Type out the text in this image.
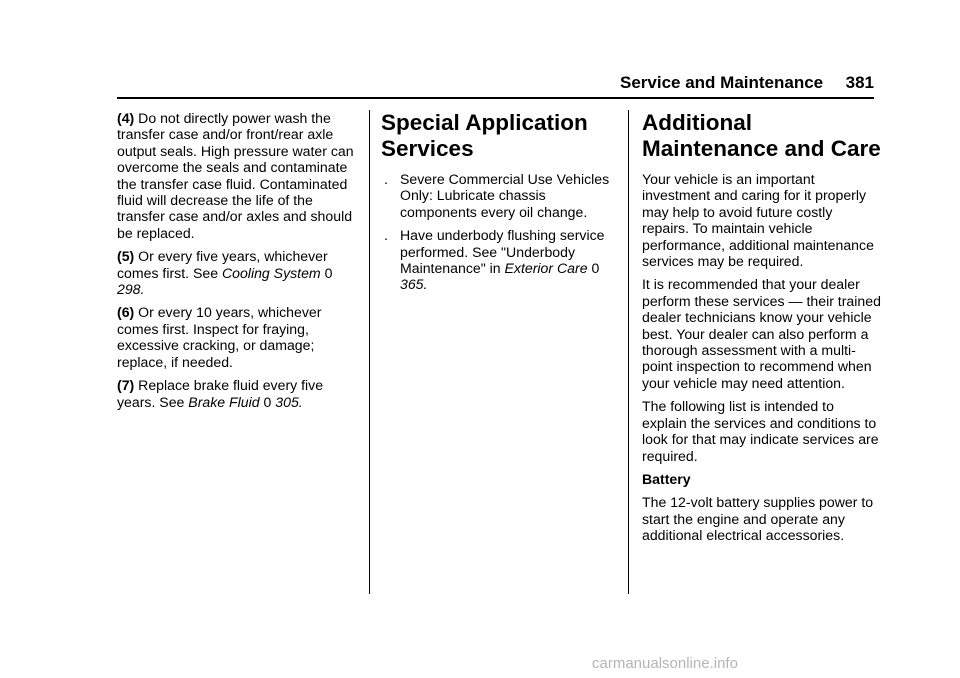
Service and Maintenance 381

(4) Do not directly power wash the transfer case and/or front/rear axle output seals. High pressure water can overcome the seals and contaminate the transfer case fluid. Contaminated fluid will decrease the life of the transfer case and/or axles and should be replaced.

(5) Or every five years, whichever comes first. See Cooling System 0 298.

(6) Or every 10 years, whichever comes first. Inspect for fraying, excessive cracking, or damage; replace, if needed.

(7) Replace brake fluid every five years. See Brake Fluid 0 305.

Special Application Services
. Severe Commercial Use Vehicles Only: Lubricate chassis components every oil change.
. Have underbody flushing service performed. See "Underbody Maintenance" in Exterior Care 0 365.
Additional Maintenance and Care

Your vehicle is an important investment and caring for it properly may help to avoid future costly repairs. To maintain vehicle performance, additional maintenance services may be required.

It is recommended that your dealer perform these services — their trained dealer technicians know your vehicle best. Your dealer can also perform a thorough assessment with a multi-point inspection to recommend when your vehicle may need attention.

The following list is intended to explain the services and conditions to look for that may indicate services are required.

Battery

The 12-volt battery supplies power to start the engine and operate any additional electrical accessories.

carmanualsonline.info
